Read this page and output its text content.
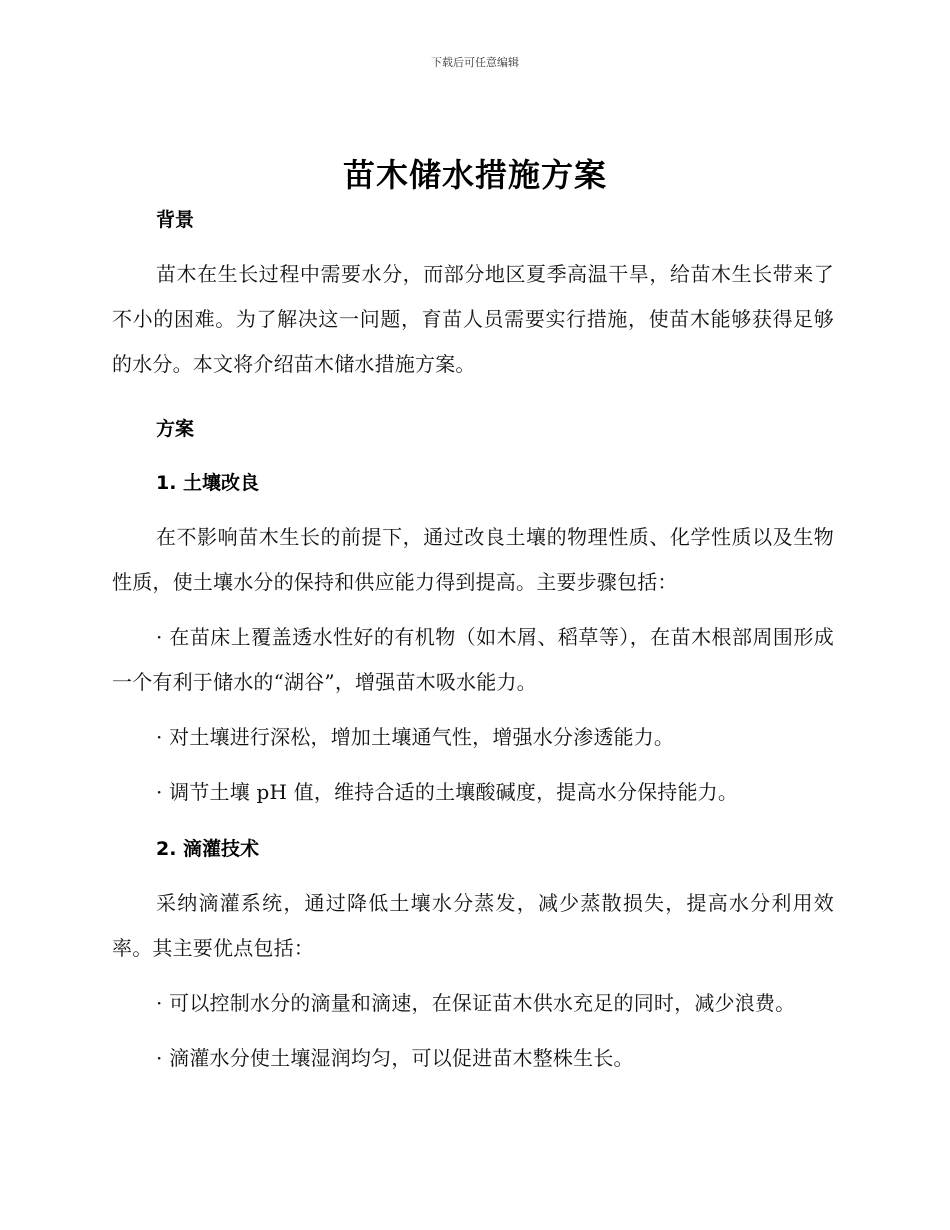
下载后可任意编辑
苗木储水措施方案
背景
苗木在生长过程中需要水分，而部分地区夏季高温干旱，给苗木生长带来了不小的困难。为了解决这一问题，育苗人员需要实行措施，使苗木能够获得足够的水分。本文将介绍苗木储水措施方案。
方案
1. 土壤改良
在不影响苗木生长的前提下，通过改良土壤的物理性质、化学性质以及生物性质，使土壤水分的保持和供应能力得到提高。主要步骤包括：
· 在苗床上覆盖透水性好的有机物（如木屑、稻草等），在苗木根部周围形成一个有利于储水的“湖谷”，增强苗木吸水能力。
· 对土壤进行深松，增加土壤通气性，增强水分渗透能力。
· 调节土壤 pH 值，维持合适的土壤酸碱度，提高水分保持能力。
2. 滴灌技术
采纳滴灌系统，通过降低土壤水分蒸发，减少蒸散损失，提高水分利用效率。其主要优点包括：
· 可以控制水分的滴量和滴速，在保证苗木供水充足的同时，减少浪费。
· 滴灌水分使土壤湿润均匀，可以促进苗木整株生长。
